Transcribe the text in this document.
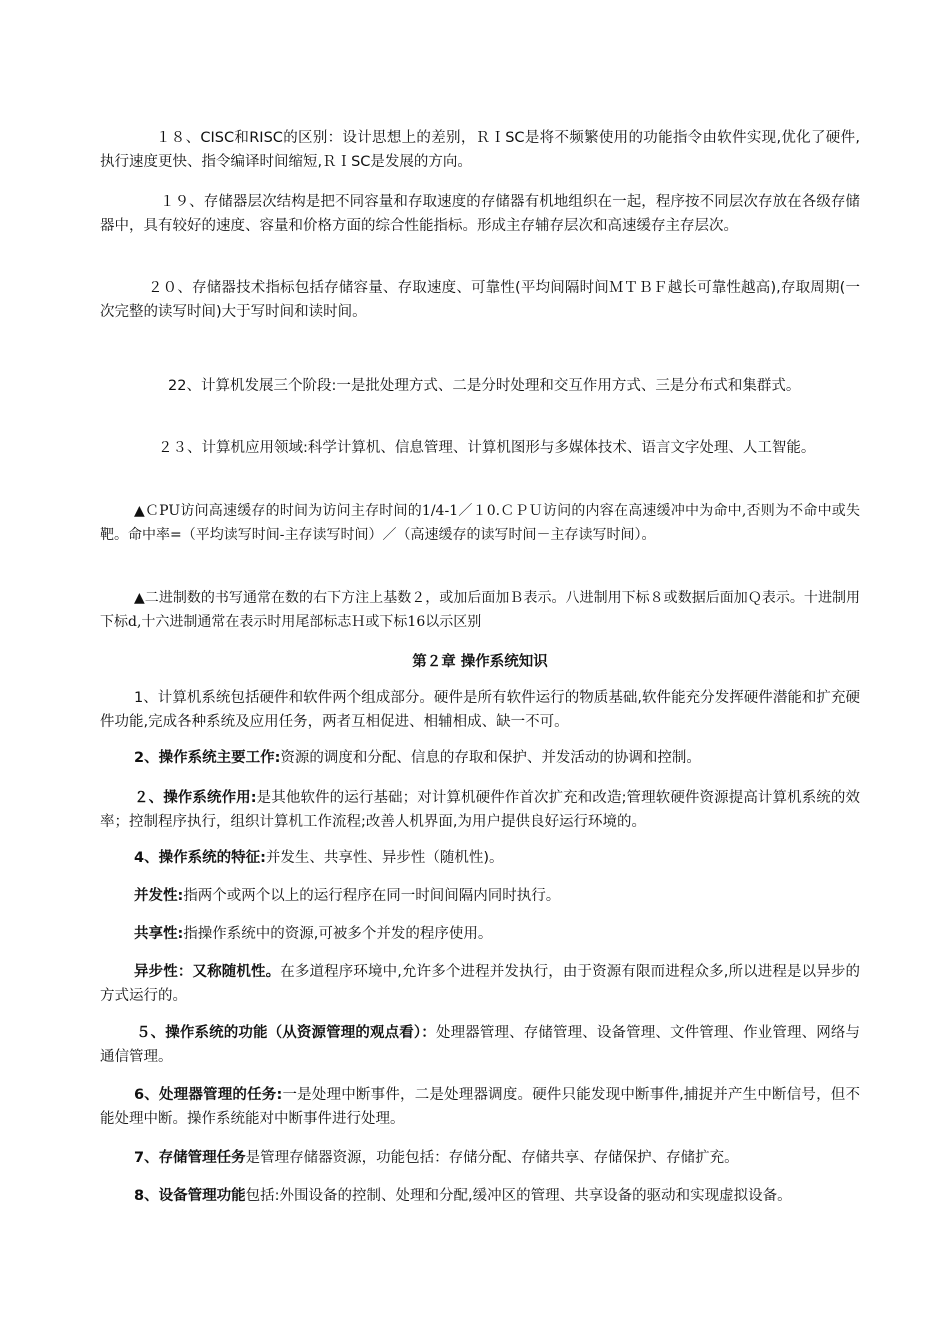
１８、CISC和RISC的区别：设计思想上的差别，ＲＩSC是将不频繁使用的功能指令由软件实现,优化了硬件,执行速度更快、指令编译时间缩短,ＲＩSC是发展的方向。

１９、存储器层次结构是把不同容量和存取速度的存储器有机地组织在一起，程序按不同层次存放在各级存储器中，具有较好的速度、容量和价格方面的综合性能指标。形成主存辅存层次和高速缓存主存层次。

２０、存储器技术指标包括存储容量、存取速度、可靠性(平均间隔时间ＭＴＢＦ越长可靠性越高),存取周期(一次完整的读写时间)大于写时间和读时间。

22、计算机发展三个阶段:一是批处理方式、二是分时处理和交互作用方式、三是分布式和集群式。

２３、计算机应用领域:科学计算机、信息管理、计算机图形与多媒体技术、语言文字处理、人工智能。

▲ＣPU访问高速缓存的时间为访问主存时间的1/4-1／１0.ＣＰＵ访问的内容在高速缓冲中为命中,否则为不命中或失靶。命中率=（平均读写时间-主存读写时间）／（高速缓存的读写时间－主存读写时间）。

▲二进制数的书写通常在数的右下方注上基数２，或加后面加Ｂ表示。八进制用下标８或数据后面加Ｑ表示。十进制用下标d,十六进制通常在表示时用尾部标志Ｈ或下标16以示区别

第２章 操作系统知识

1、计算机系统包括硬件和软件两个组成部分。硬件是所有软件运行的物质基础,软件能充分发挥硬件潜能和扩充硬件功能,完成各种系统及应用任务，两者互相促进、相辅相成、缺一不可。

2、操作系统主要工作:资源的调度和分配、信息的存取和保护、并发活动的协调和控制。

２、操作系统作用:是其他软件的运行基础；对计算机硬件作首次扩充和改造;管理软硬件资源提高计算机系统的效率；控制程序执行，组织计算机工作流程;改善人机界面,为用户提供良好运行环境的。

4、操作系统的特征:并发生、共享性、异步性（随机性)。

并发性:指两个或两个以上的运行程序在同一时间间隔内同时执行。

共享性:指操作系统中的资源,可被多个并发的程序使用。

异步性：又称随机性。在多道程序环境中,允许多个进程并发执行，由于资源有限而进程众多,所以进程是以异步的方式运行的。

５、操作系统的功能（从资源管理的观点看）：处理器管理、存储管理、设备管理、文件管理、作业管理、网络与通信管理。

6、处理器管理的任务:一是处理中断事件，二是处理器调度。硬件只能发现中断事件,捕捉并产生中断信号，但不能处理中断。操作系统能对中断事件进行处理。

7、存储管理任务是管理存储器资源，功能包括：存储分配、存储共享、存储保护、存储扩充。

8、设备管理功能包括:外围设备的控制、处理和分配,缓冲区的管理、共享设备的驱动和实现虚拟设备。
